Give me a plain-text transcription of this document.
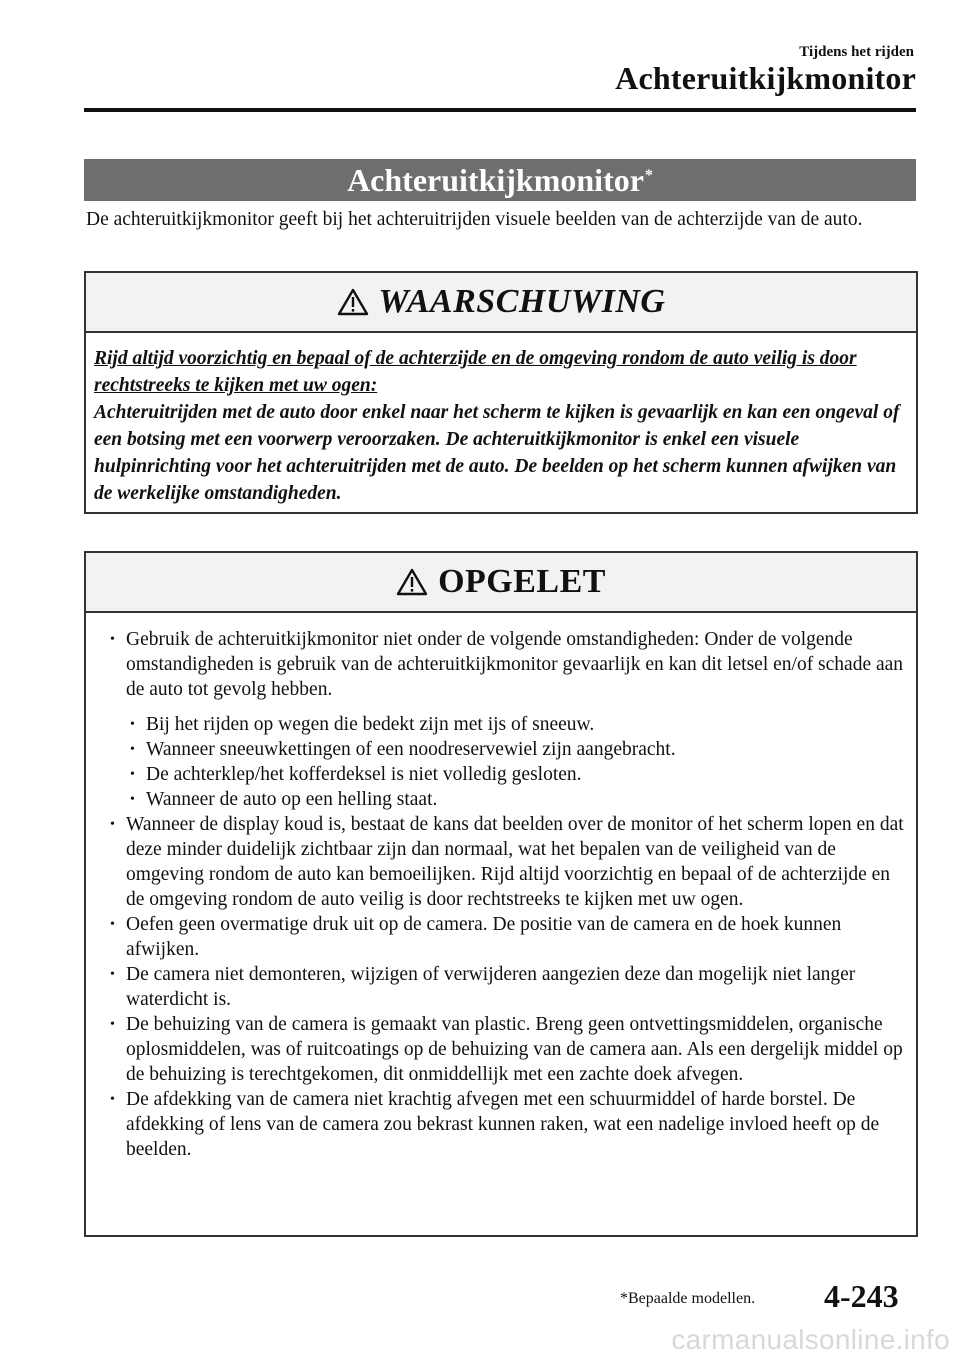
Tijdens het rijden
Achteruitkijkmonitor
Achteruitkijkmonitor*
De achteruitkijkmonitor geeft bij het achteruitrijden visuele beelden van de achterzijde van de auto.
WAARSCHUWING
Rijd altijd voorzichtig en bepaal of de achterzijde en de omgeving rondom de auto veilig is door rechtstreeks te kijken met uw ogen:
Achteruitrijden met de auto door enkel naar het scherm te kijken is gevaarlijk en kan een ongeval of een botsing met een voorwerp veroorzaken. De achteruitkijkmonitor is enkel een visuele hulpinrichting voor het achteruitrijden met de auto. De beelden op het scherm kunnen afwijken van de werkelijke omstandigheden.
OPGELET
• Gebruik de achteruitkijkmonitor niet onder de volgende omstandigheden: Onder de volgende omstandigheden is gebruik van de achteruitkijkmonitor gevaarlijk en kan dit letsel en/of schade aan de auto tot gevolg hebben.
• Bij het rijden op wegen die bedekt zijn met ijs of sneeuw.
• Wanneer sneeuwkettingen of een noodreservewiel zijn aangebracht.
• De achterklep/het kofferdeksel is niet volledig gesloten.
• Wanneer de auto op een helling staat.
• Wanneer de display koud is, bestaat de kans dat beelden over de monitor of het scherm lopen en dat deze minder duidelijk zichtbaar zijn dan normaal, wat het bepalen van de veiligheid van de omgeving rondom de auto kan bemoeilijken. Rijd altijd voorzichtig en bepaal of de achterzijde en de omgeving rondom de auto veilig is door rechtstreeks te kijken met uw ogen.
• Oefen geen overmatige druk uit op de camera. De positie van de camera en de hoek kunnen afwijken.
• De camera niet demonteren, wijzigen of verwijderen aangezien deze dan mogelijk niet langer waterdicht is.
• De behuizing van de camera is gemaakt van plastic. Breng geen ontvettingsmiddelen, organische oplosmiddelen, was of ruitcoatings op de behuizing van de camera aan. Als een dergelijk middel op de behuizing is terechtgekomen, dit onmiddellijk met een zachte doek afvegen.
• De afdekking van de camera niet krachtig afvegen met een schuurmiddel of harde borstel. De afdekking of lens van de camera zou bekrast kunnen raken, wat een nadelige invloed heeft op de beelden.
*Bepaalde modellen. 4-243
carmanualsonline.info
